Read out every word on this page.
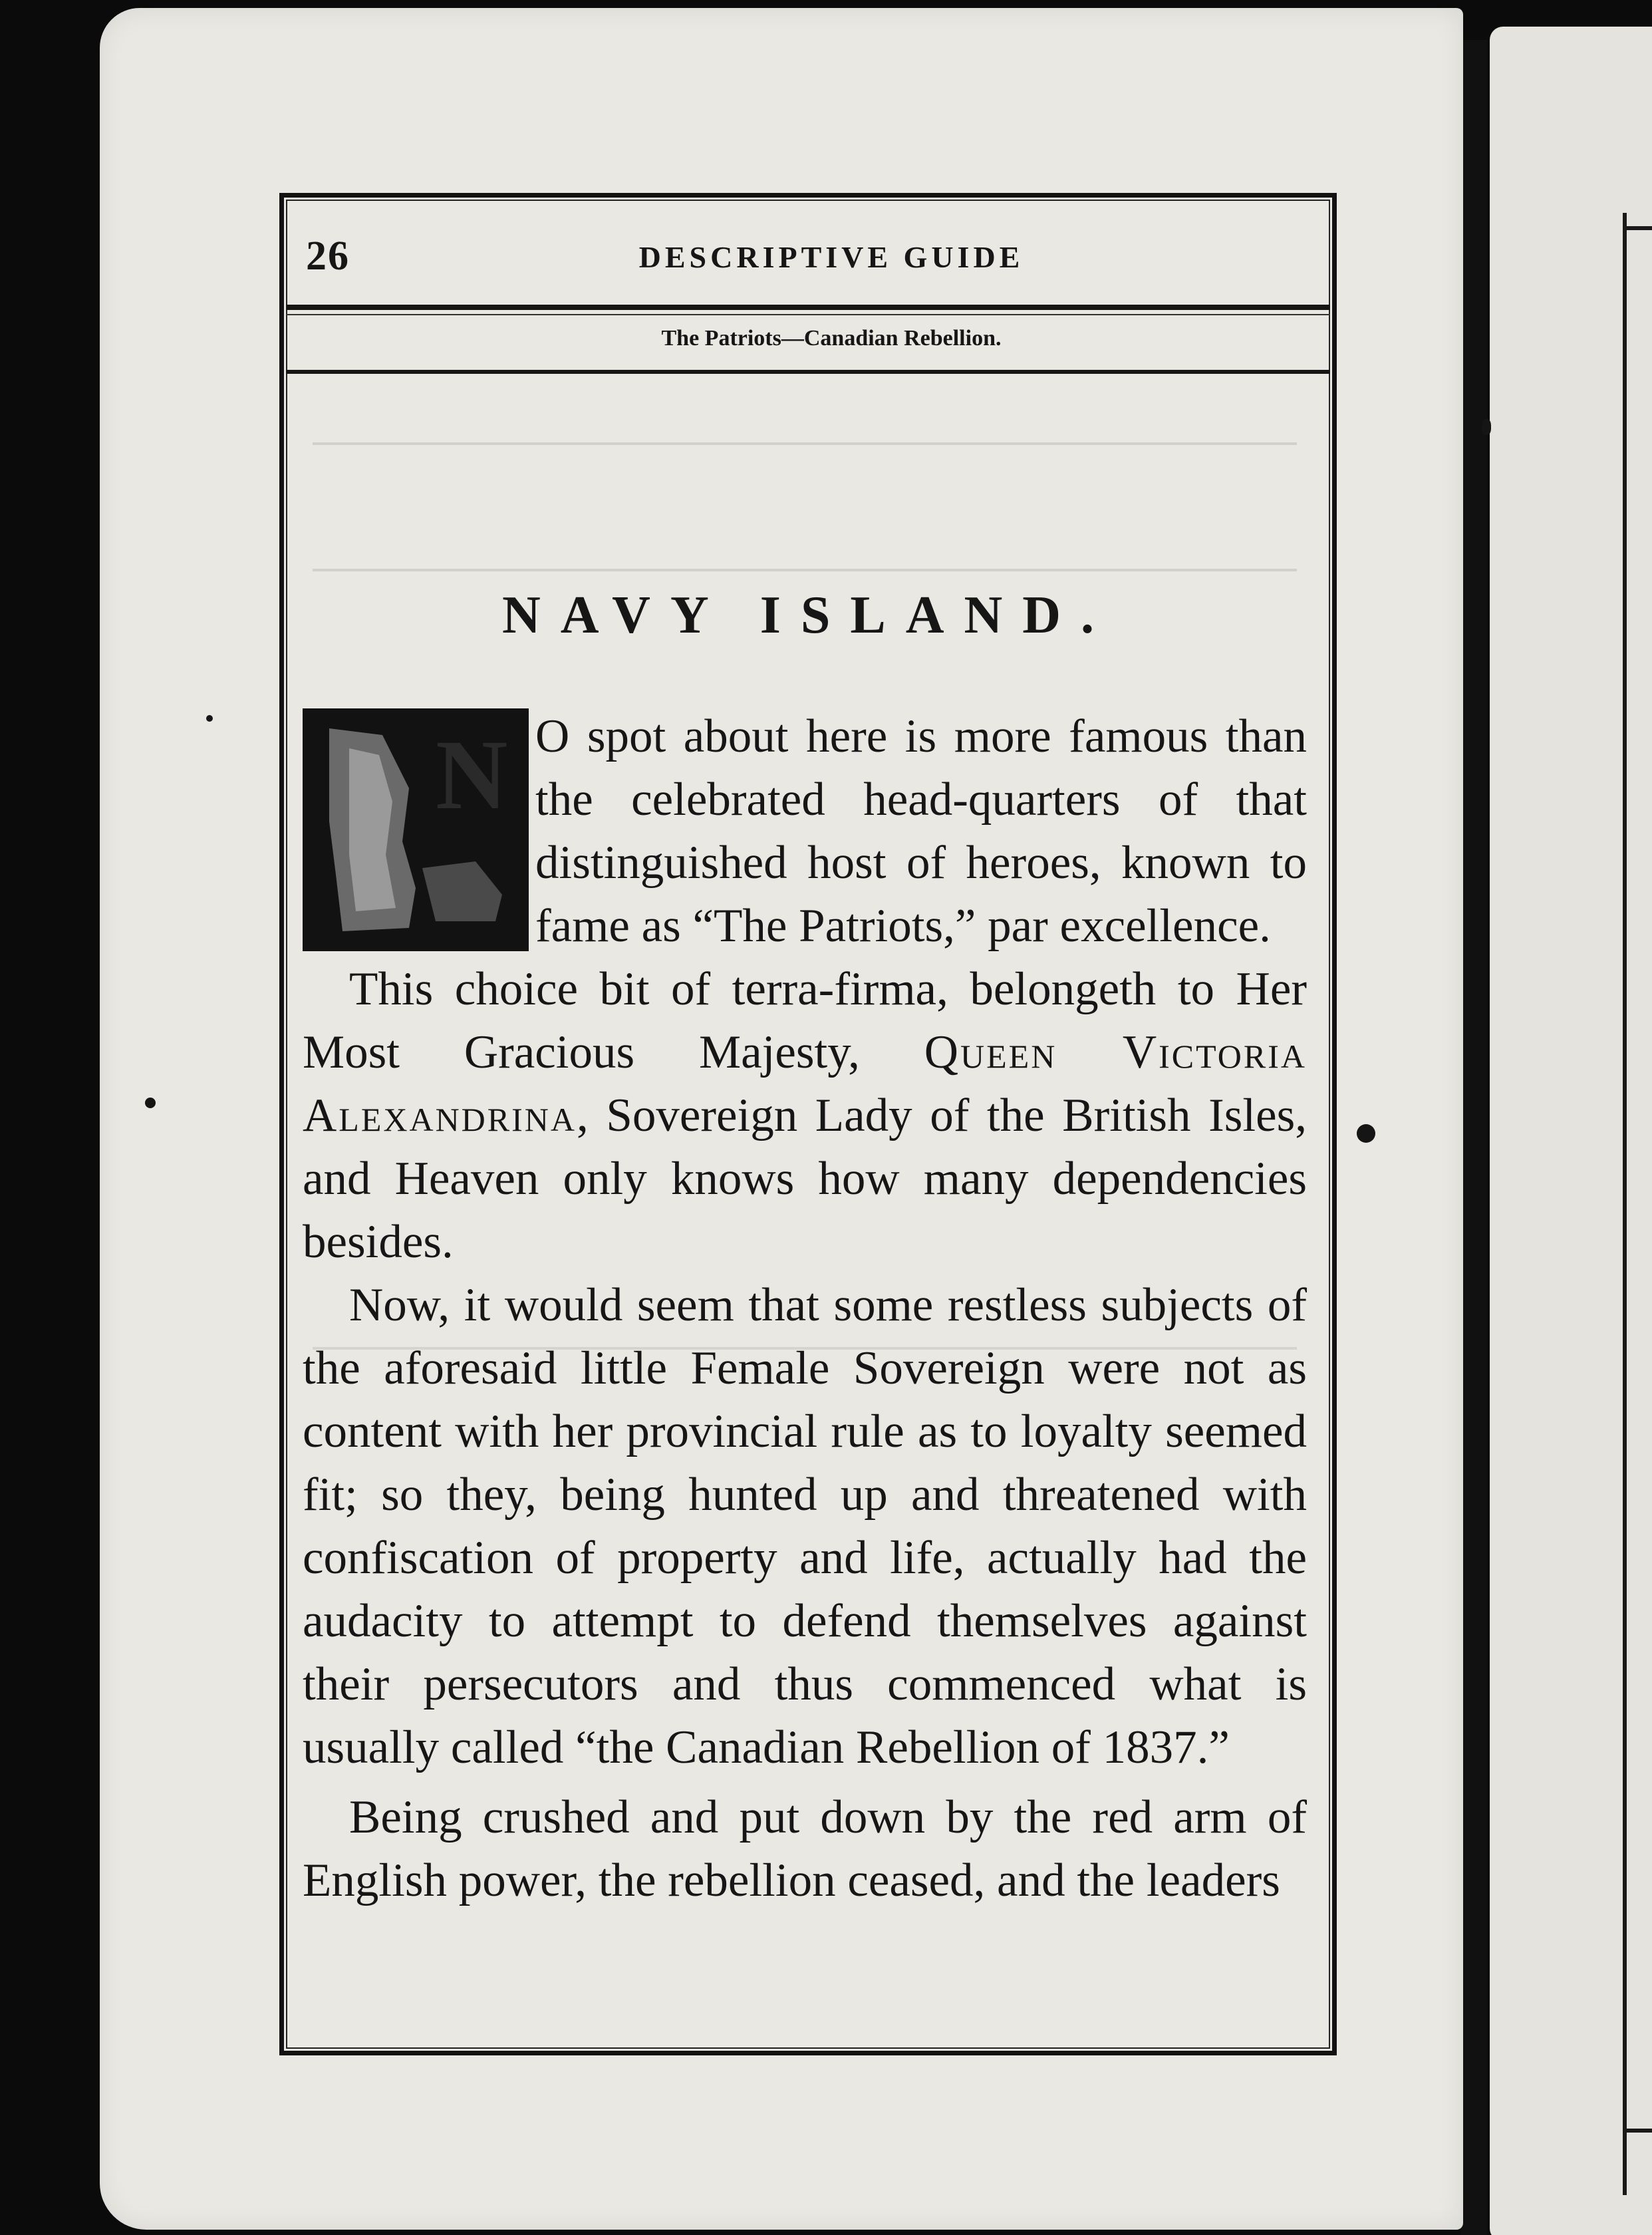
26	DESCRIPTIVE GUIDE

The Patriots—Canadian Rebellion.

NAVY ISLAND.
N O spot about here is more famous than the celebrated head-quarters of that distinguished host of heroes, known to fame as “The Patriots,” par excellence.

This choice bit of terra-firma, belongeth to Her Most Gracious Majesty, Queen Victoria Alexandrina, Sovereign Lady of the British Isles, and Heaven only knows how many dependencies besides.

Now, it would seem that some restless subjects of the aforesaid little Female Sovereign were not as content with her provincial rule as to loyalty seemed fit; so they, being hunted up and threatened with confiscation of property and life, actually had the audacity to attempt to defend themselves against their persecutors and thus commenced what is usually called “the Canadian Rebellion of 1837.”

Being crushed and put down by the red arm of English power, the rebellion ceased, and the leaders
